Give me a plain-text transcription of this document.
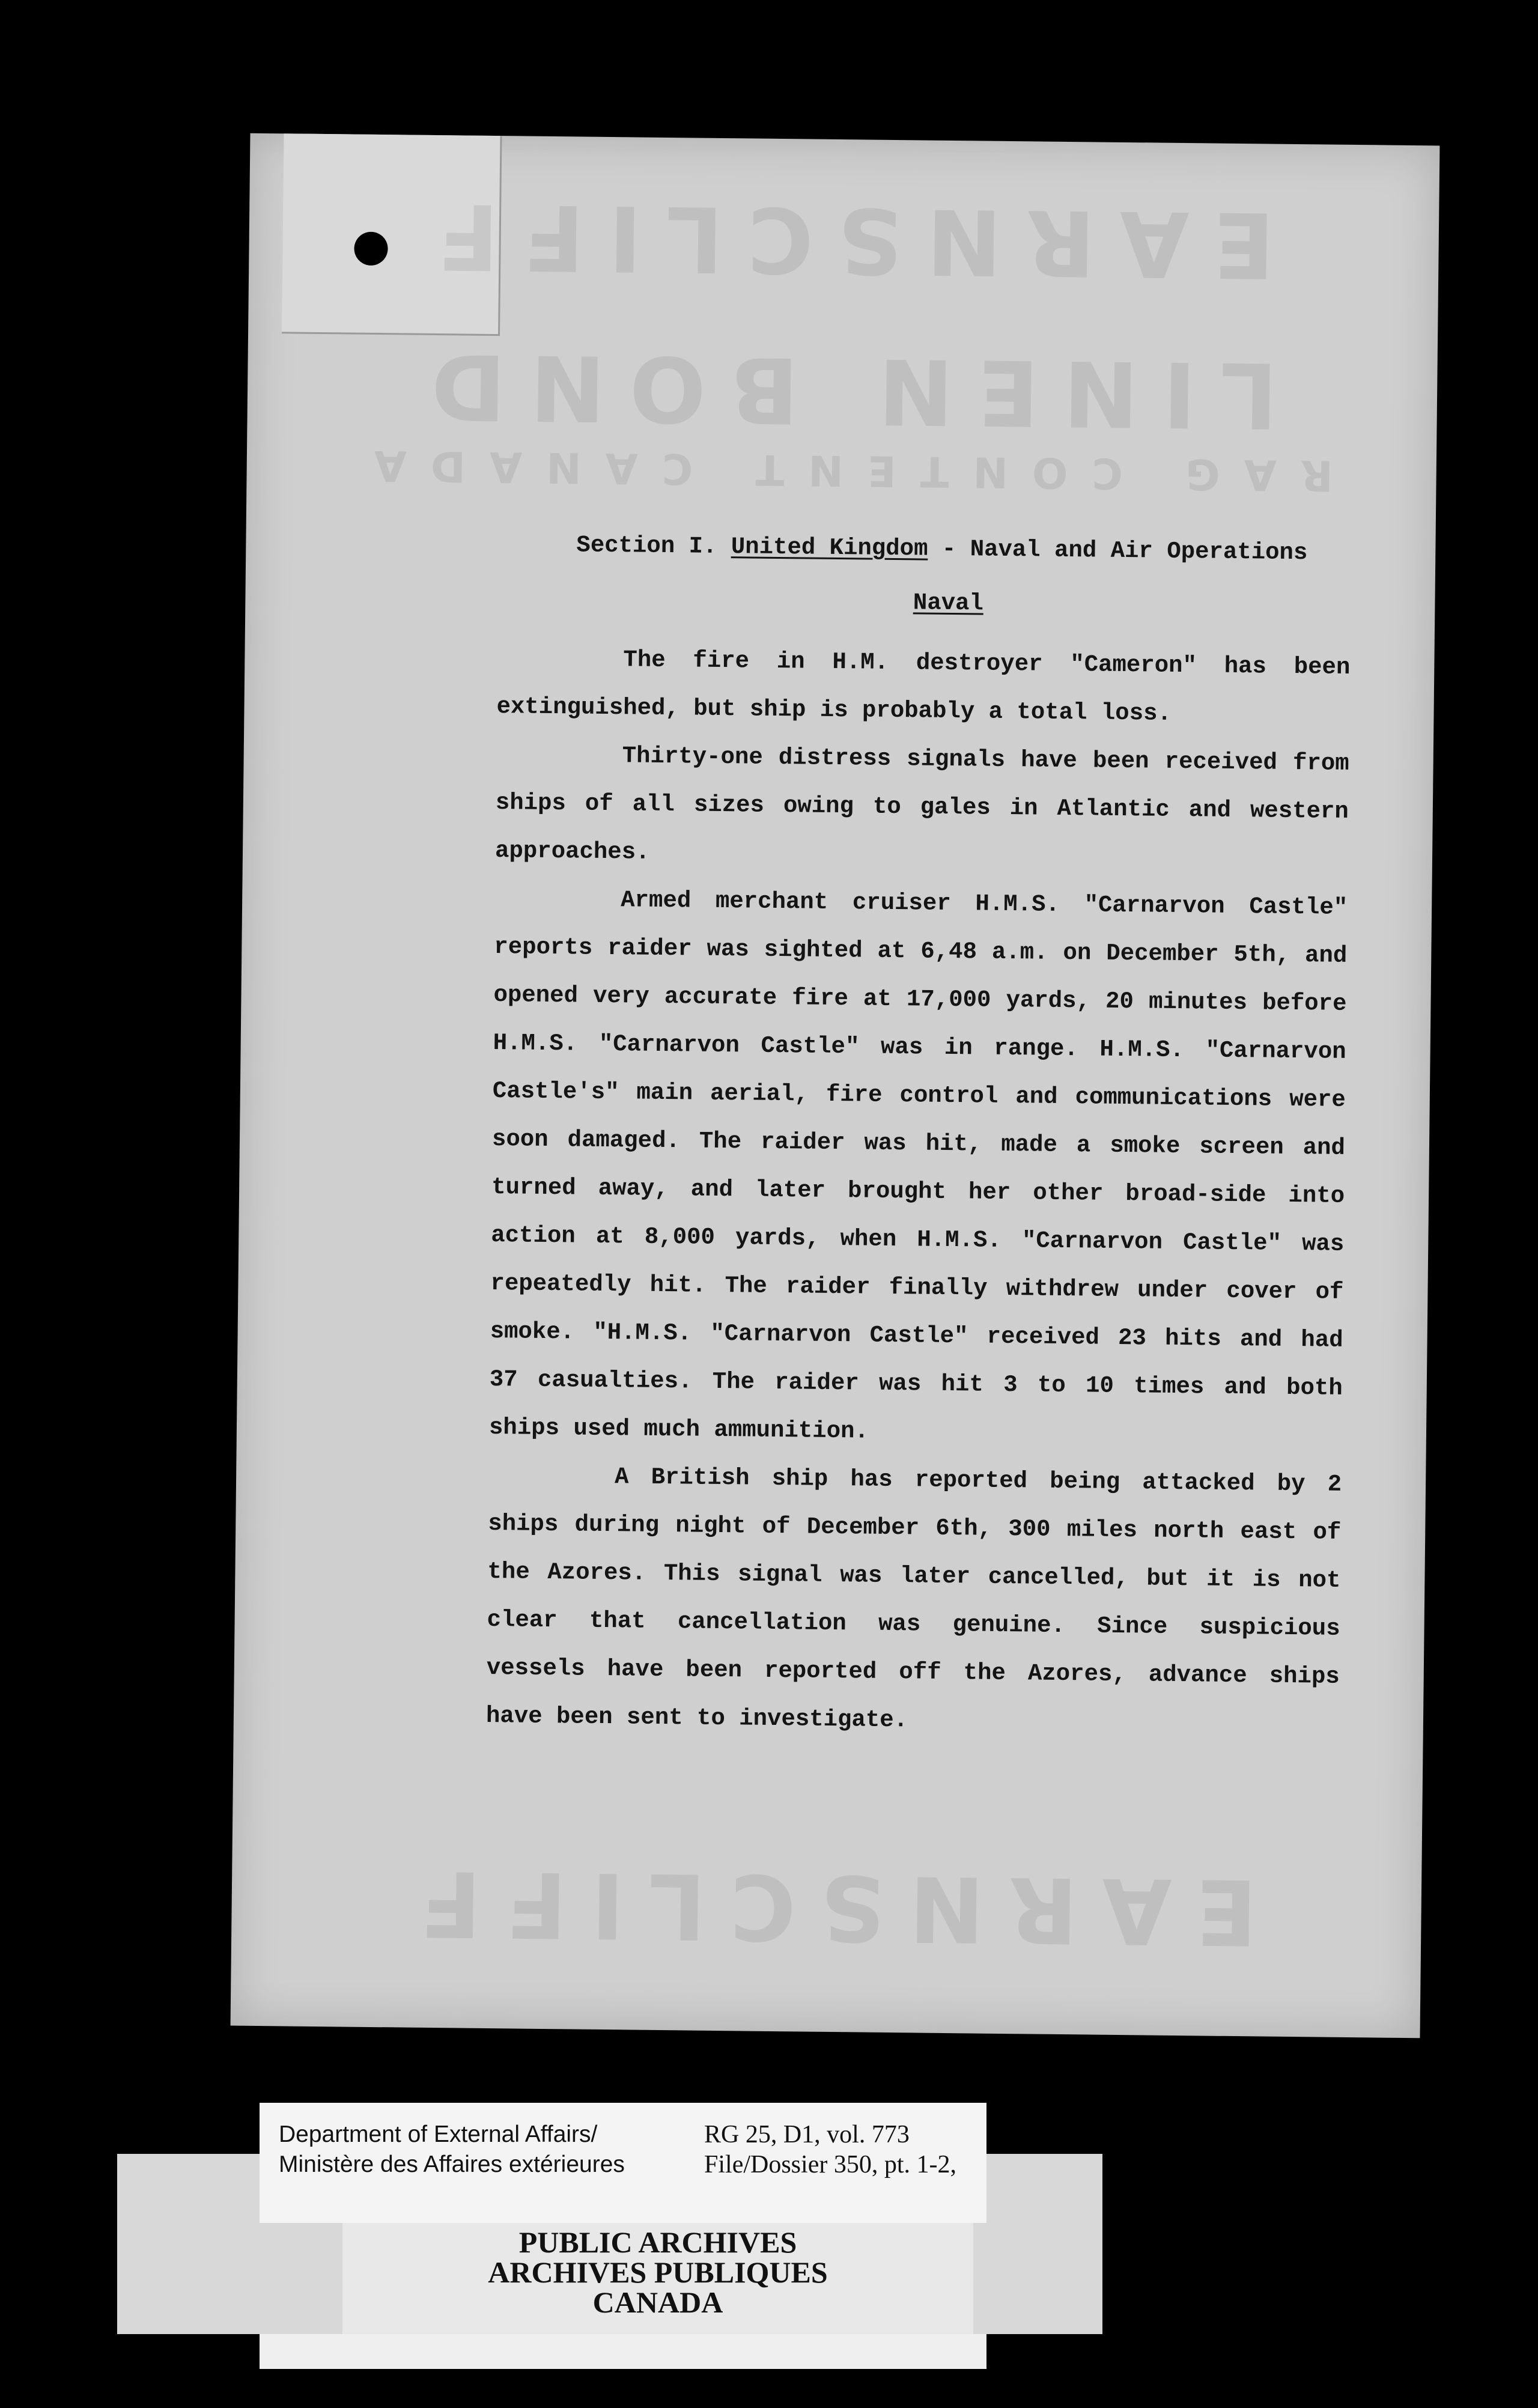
EARNSCLIFF
LINEN BOND
RAG CONTENT CANADA
EARNSCLIFF

Section I. United Kingdom - Naval and Air Operations

Naval

The fire in H.M. destroyer "Cameron" has been extinguished, but ship is probably a total loss.

Thirty-one distress signals have been received from ships of all sizes owing to gales in Atlantic and western approaches.

Armed merchant cruiser H.M.S. "Carnarvon Castle" reports raider was sighted at 6,48 a.m. on December 5th, and opened very accurate fire at 17,000 yards, 20 minutes before H.M.S. "Carnarvon Castle" was in range. H.M.S. "Carnarvon Castle's" main aerial, fire control and communications were soon damaged. The raider was hit, made a smoke screen and turned away, and later brought her other broad-side into action at 8,000 yards, when H.M.S. "Carnarvon Castle" was repeatedly hit. The raider finally withdrew under cover of smoke. "H.M.S. "Carnarvon Castle" received 23 hits and had 37 casualties. The raider was hit 3 to 10 times and both ships used much ammunition.

A British ship has reported being attacked by 2 ships during night of December 6th, 300 miles north east of the Azores. This signal was later cancelled, but it is not clear that cancellation was genuine. Since suspicious vessels have been reported off the Azores, advance ships have been sent to investigate.

PUBLIC ARCHIVES
ARCHIVES PUBLIQUES
CANADA
Department of External Affairs/
Ministère des Affaires extérieures
RG 25, D1, vol. 773
File/Dossier 350, pt. 1-2,
